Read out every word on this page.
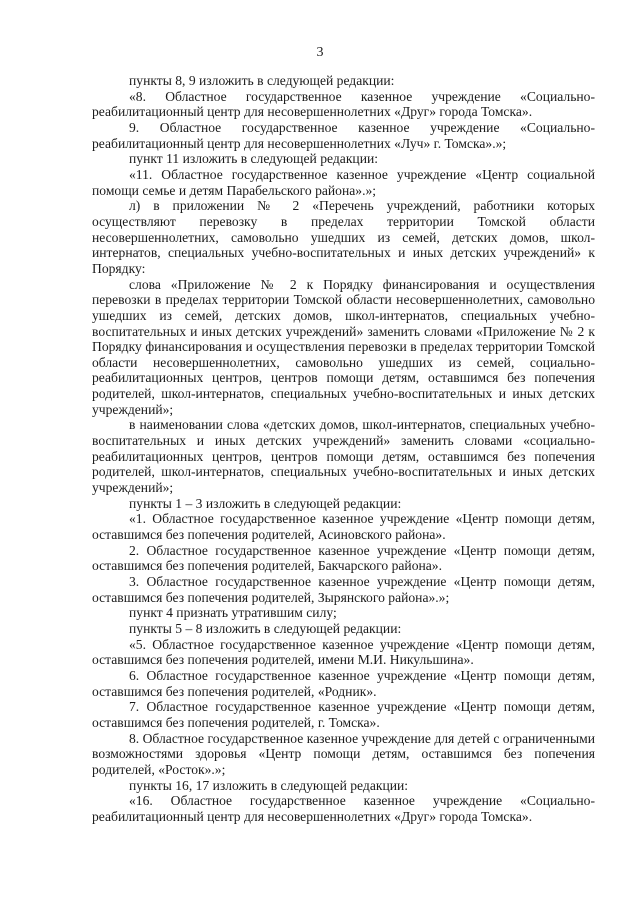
3

пункты 8, 9 изложить в следующей редакции:

«8. Областное государственное казенное учреждение «Социально-реабилитационный центр для несовершеннолетних «Друг» города Томска».

9. Областное государственное казенное учреждение «Социально-реабилитационный центр для несовершеннолетних «Луч» г. Томска».»;

пункт 11 изложить в следующей редакции:

«11. Областное государственное казенное учреждение «Центр социальной помощи семье и детям Парабельского района».»;

л) в приложении № 2 «Перечень учреждений, работники которых осуществляют перевозку в пределах территории Томской области несовершеннолетних, самовольно ушедших из семей, детских домов, школ-интернатов, специальных учебно-воспитательных и иных детских учреждений» к Порядку:

слова «Приложение № 2 к Порядку финансирования и осуществления перевозки в пределах территории Томской области несовершеннолетних, самовольно ушедших из семей, детских домов, школ-интернатов, специальных учебно-воспитательных и иных детских учреждений» заменить словами «Приложение № 2 к Порядку финансирования и осуществления перевозки в пределах территории Томской области несовершеннолетних, самовольно ушедших из семей, социально-реабилитационных центров, центров помощи детям, оставшимся без попечения родителей, школ-интернатов, специальных учебно-воспитательных и иных детских учреждений»;

в наименовании слова «детских домов, школ-интернатов, специальных учебно-воспитательных и иных детских учреждений» заменить словами «социально-реабилитационных центров, центров помощи детям, оставшимся без попечения родителей, школ-интернатов, специальных учебно-воспитательных и иных детских учреждений»;

пункты 1 – 3 изложить в следующей редакции:

«1. Областное государственное казенное учреждение «Центр помощи детям, оставшимся без попечения родителей, Асиновского района».

2. Областное государственное казенное учреждение «Центр помощи детям, оставшимся без попечения родителей, Бакчарского района».

3. Областное государственное казенное учреждение «Центр помощи детям, оставшимся без попечения родителей, Зырянского района».»;

пункт 4 признать утратившим силу;

пункты 5 – 8 изложить в следующей редакции:

«5. Областное государственное казенное учреждение «Центр помощи детям, оставшимся без попечения родителей, имени М.И. Никульшина».

6. Областное государственное казенное учреждение «Центр помощи детям, оставшимся без попечения родителей, «Родник».

7. Областное государственное казенное учреждение «Центр помощи детям, оставшимся без попечения родителей, г. Томска».

8. Областное государственное казенное учреждение для детей с ограниченными возможностями здоровья «Центр помощи детям, оставшимся без попечения родителей, «Росток».»;

пункты 16, 17 изложить в следующей редакции:

«16. Областное государственное казенное учреждение «Социально-реабилитационный центр для несовершеннолетних «Друг» города Томска».
